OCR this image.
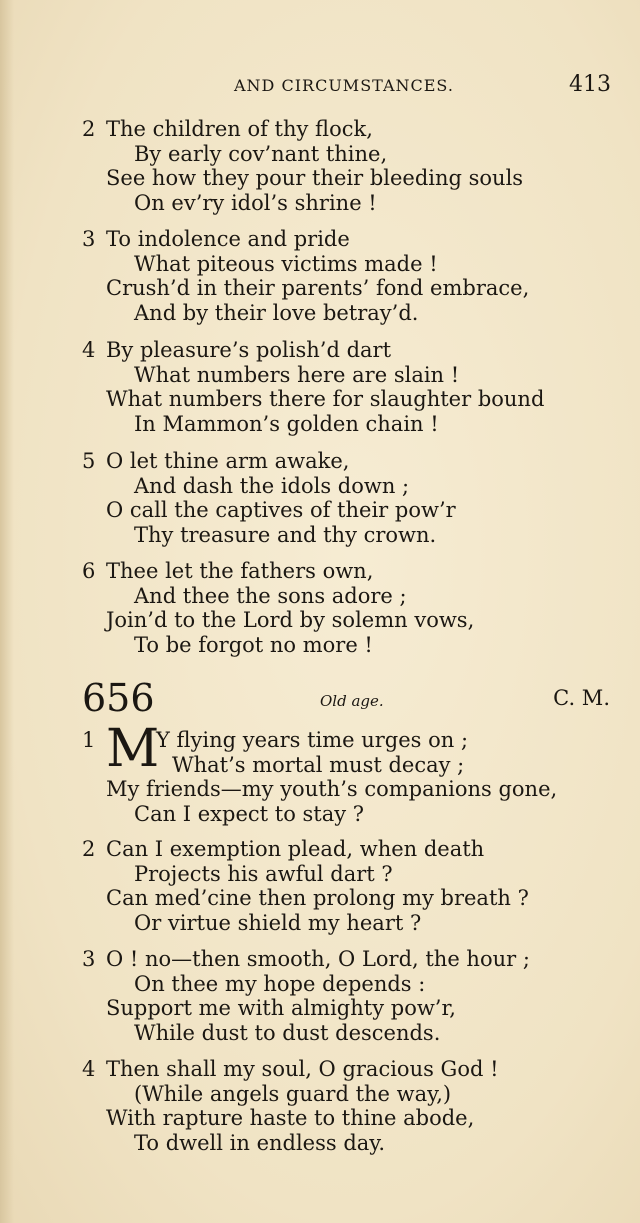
AND CIRCUMSTANCES.	413
2 The children of thy flock,
By early cov’nant thine,
See how they pour their bleeding souls
On ev’ry idol’s shrine !
3 To indolence and pride
What piteous victims made !
Crush’d in their parents’ fond embrace,
And by their love betray’d.
4 By pleasure’s polish’d dart
What numbers here are slain !
What numbers there for slaughter bound
In Mammon’s golden chain !
5 O let thine arm awake,
And dash the idols down ;
O call the captives of their pow’r
Thy treasure and thy crown.
6 Thee let the fathers own,
And thee the sons adore ;
Join’d to the Lord by solemn vows,
To be forgot no more !
656	Old age.	C. M.
1 M
Y flying years time urges on ;
What’s mortal must decay ;
My friends—my youth’s companions gone,
Can I expect to stay ?
2 Can I exemption plead, when death
Projects his awful dart ?
Can med’cine then prolong my breath ?
Or virtue shield my heart ?
3 O ! no—then smooth, O Lord, the hour ;
On thee my hope depends :
Support me with almighty pow’r,
While dust to dust descends.
4 Then shall my soul, O gracious God !
(While angels guard the way,)
With rapture haste to thine abode,
To dwell in endless day.
